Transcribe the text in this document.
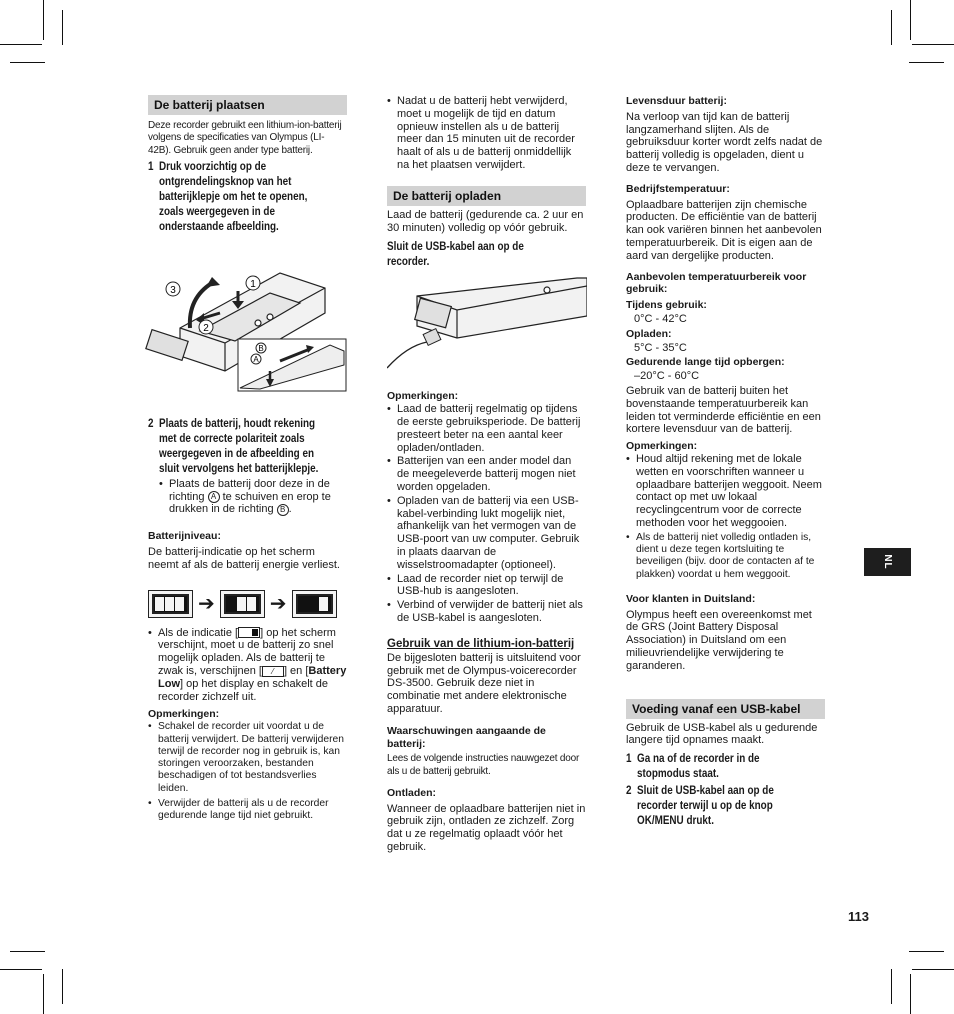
De batterij plaatsen

Deze recorder gebruikt een lithium-ion-batterij volgens de specificaties van Olympus (LI-42B). Gebruik geen ander type batterij.

1 Druk voorzichtig op de ontgrendelingsknop van het batterijklepje om het te openen, zoals weergegeven in de onderstaande afbeelding.
3
1
2
A
B
2 Plaats de batterij, houdt rekening met de correcte polariteit zoals weergegeven in de afbeelding en sluit vervolgens het batterijklepje.
• Plaats de batterij door deze in de richting A te schuiven en erop te drukken in de richting B .

Batterijniveau:

De batterij-indicatie op het scherm neemt af als de batterij energie verliest.

➔	➔
• Als de indicatie [ ] op het scherm verschijnt, moet u de batterij zo snel mogelijk opladen. Als de batterij te zwak is, verschijnen [ ⁄ ] en [Battery Low] op het display en schakelt de recorder zichzelf uit.

Opmerkingen:

• Schakel de recorder uit voordat u de batterij verwijdert. De batterij verwijderen terwijl de recorder nog in gebruik is, kan storingen veroorzaken, bestanden beschadigen of tot bestandsverlies leiden.
• Verwijder de batterij als u de recorder gedurende lange tijd niet gebruikt.
• Nadat u de batterij hebt verwijderd, moet u mogelijk de tijd en datum opnieuw instellen als u de batterij meer dan 15 minuten uit de recorder haalt of als u de batterij onmiddellijk na het plaatsen verwijdert.
De batterij opladen

Laad de batterij (gedurende ca. 2 uur en 30 minuten) volledig op vóór gebruik.

Sluit de USB-kabel aan op de recorder.

Opmerkingen:

• Laad de batterij regelmatig op tijdens de eerste gebruiksperiode. De batterij presteert beter na een aantal keer opladen/ontladen.
• Batterijen van een ander model dan de meegeleverde batterij mogen niet worden opgeladen.
• Opladen van de batterij via een USB-kabel-verbinding lukt mogelijk niet, afhankelijk van het vermogen van de USB-poort van uw computer. Gebruik in plaats daarvan de wisselstroomadapter (optioneel).
• Laad de recorder niet op terwijl de USB-hub is aangesloten.
• Verbind of verwijder de batterij niet als de USB-kabel is aangesloten.

Gebruik van de lithium-ion-batterij

De bijgesloten batterij is uitsluitend voor gebruik met de Olympus-voicerecorder DS-3500. Gebruik deze niet in combinatie met andere elektronische apparatuur.

Waarschuwingen aangaande de batterij:

Lees de volgende instructies nauwgezet door als u de batterij gebruikt.

Ontladen:

Wanneer de oplaadbare batterijen niet in gebruik zijn, ontladen ze zichzelf. Zorg dat u ze regelmatig oplaadt vóór het gebruik.

Levensduur batterij:

Na verloop van tijd kan de batterij langzamerhand slijten. Als de gebruiksduur korter wordt zelfs nadat de batterij volledig is opgeladen, dient u deze te vervangen.

Bedrijfstemperatuur:

Oplaadbare batterijen zijn chemische producten. De efficiëntie van de batterij kan ook variëren binnen het aanbevolen temperatuurbereik. Dit is eigen aan de aard van dergelijke producten.

Aanbevolen temperatuurbereik voor gebruik:

Tijdens gebruik:

0°C - 42°C

Opladen:

5°C - 35°C

Gedurende lange tijd opbergen:

–20°C - 60°C

Gebruik van de batterij buiten het bovenstaande temperatuurbereik kan leiden tot verminderde efficiëntie en een kortere levensduur van de batterij.

Opmerkingen:

• Houd altijd rekening met de lokale wetten en voorschriften wanneer u oplaadbare batterijen weggooit. Neem contact op met uw lokaal recyclingcentrum voor de correcte methoden voor het weggooien.
• Als de batterij niet volledig ontladen is, dient u deze tegen kortsluiting te beveiligen (bijv. door de contacten af te plakken) voordat u hem weggooit.

Voor klanten in Duitsland:

Olympus heeft een overeenkomst met de GRS (Joint Battery Disposal Association) in Duitsland om een milieuvriendelijke verwijdering te garanderen.

Voeding vanaf een USB-kabel

Gebruik de USB-kabel als u gedurende langere tijd opnames maakt.

1 Ga na of de recorder in de stopmodus staat.
2 Sluit de USB-kabel aan op de recorder terwijl u op de knop OK/MENU drukt.
NL
113
